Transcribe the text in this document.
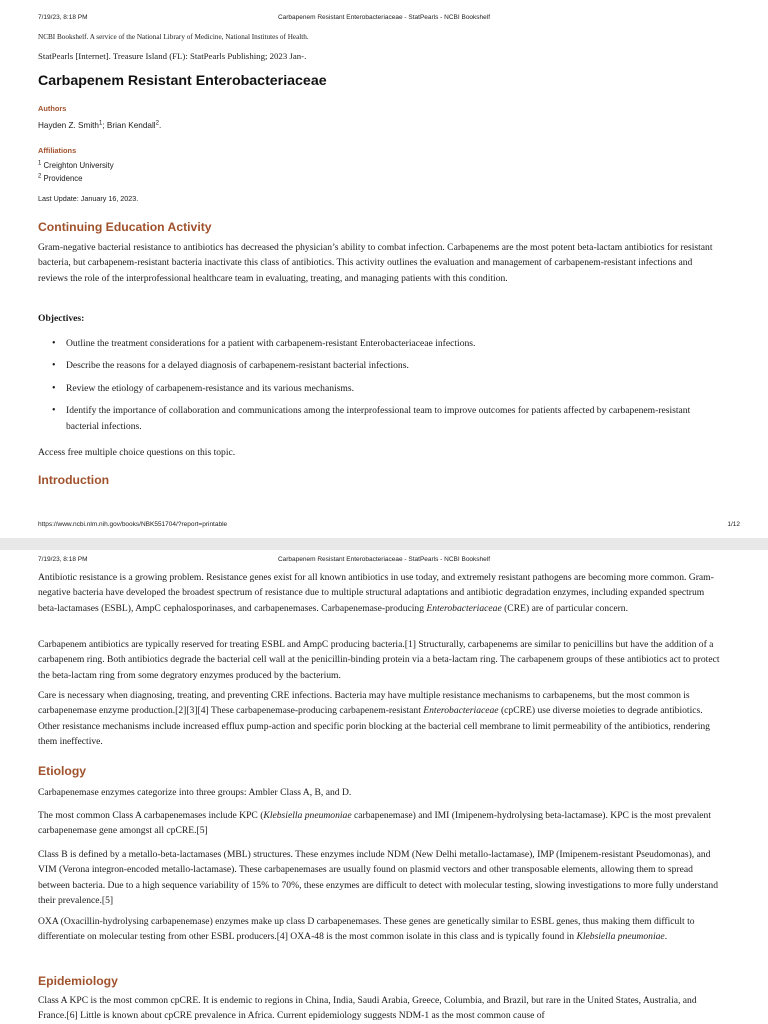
7/19/23, 8:18 PM	Carbapenem Resistant Enterobacteriaceae - StatPearls - NCBI Bookshelf

NCBI Bookshelf. A service of the National Library of Medicine, National Institutes of Health.

StatPearls [Internet]. Treasure Island (FL): StatPearls Publishing; 2023 Jan-.

Carbapenem Resistant Enterobacteriaceae

Authors

Hayden Z. Smith$^1$; Brian Kendall$^2$.

Affiliations

$^1$ Creighton University

$^2$ Providence

Last Update: January 16, 2023.

Continuing Education Activity

Gram-negative bacterial resistance to antibiotics has decreased the physician’s ability to combat infection. Carbapenems are the most potent beta-lactam antibiotics for resistant bacteria, but carbapenem-resistant bacteria inactivate this class of antibiotics. This activity outlines the evaluation and management of carbapenem-resistant infections and reviews the role of the interprofessional healthcare team in evaluating, treating, and managing patients with this condition.

Objectives:

• Outline the treatment considerations for a patient with carbapenem-resistant Enterobacteriaceae infections.
• Describe the reasons for a delayed diagnosis of carbapenem-resistant bacterial infections.
• Review the etiology of carbapenem-resistance and its various mechanisms.
• Identify the importance of collaboration and communications among the interprofessional team to improve outcomes for patients affected by carbapenem-resistant bacterial infections.

Access free multiple choice questions on this topic.

Introduction
https://www.ncbi.nlm.nih.gov/books/NBK551704/?report=printable	1/12
7/19/23, 8:18 PM	Carbapenem Resistant Enterobacteriaceae - StatPearls - NCBI Bookshelf

Antibiotic resistance is a growing problem. Resistance genes exist for all known antibiotics in use today, and extremely resistant pathogens are becoming more common. Gram-negative bacteria have developed the broadest spectrum of resistance due to multiple structural adaptations and antibiotic degradation enzymes, including expanded spectrum beta-lactamases (ESBL), AmpC cephalosporinases, and carbapenemases. Carbapenemase-producing Enterobacteriaceae (CRE) are of particular concern.

Carbapenem antibiotics are typically reserved for treating ESBL and AmpC producing bacteria.[1] Structurally, carbapenems are similar to penicillins but have the addition of a carbapenem ring. Both antibiotics degrade the bacterial cell wall at the penicillin-binding protein via a beta-lactam ring. The carbapenem groups of these antibiotics act to protect the beta-lactam ring from some degratory enzymes produced by the bacterium.

Care is necessary when diagnosing, treating, and preventing CRE infections. Bacteria may have multiple resistance mechanisms to carbapenems, but the most common is carbapenemase enzyme production.[2][3][4] These carbapenemase-producing carbapenem-resistant Enterobacteriaceae (cpCRE) use diverse moieties to degrade antibiotics. Other resistance mechanisms include increased efflux pump-action and specific porin blocking at the bacterial cell membrane to limit permeability of the antibiotics, rendering them ineffective.

Etiology

Carbapenemase enzymes categorize into three groups: Ambler Class A, B, and D.

The most common Class A carbapenemases include KPC (Klebsiella pneumoniae carbapenemase) and IMI (Imipenem-hydrolysing beta-lactamase). KPC is the most prevalent carbapenemase gene amongst all cpCRE.[5]

Class B is defined by a metallo-beta-lactamases (MBL) structures. These enzymes include NDM (New Delhi metallo-lactamase), IMP (Imipenem-resistant Pseudomonas), and VIM (Verona integron-encoded metallo-lactamase). These carbapenemases are usually found on plasmid vectors and other transposable elements, allowing them to spread between bacteria. Due to a high sequence variability of 15% to 70%, these enzymes are difficult to detect with molecular testing, slowing investigations to more fully understand their prevalence.[5]

OXA (Oxacillin-hydrolysing carbapenemase) enzymes make up class D carbapenemases. These genes are genetically similar to ESBL genes, thus making them difficult to differentiate on molecular testing from other ESBL producers.[4] OXA-48 is the most common isolate in this class and is typically found in Klebsiella pneumoniae.

Epidemiology

Class A KPC is the most common cpCRE. It is endemic to regions in China, India, Saudi Arabia, Greece, Columbia, and Brazil, but rare in the United States, Australia, and France.[6] Little is known about cpCRE prevalence in Africa. Current epidemiology suggests NDM-1 as the most common cause of
